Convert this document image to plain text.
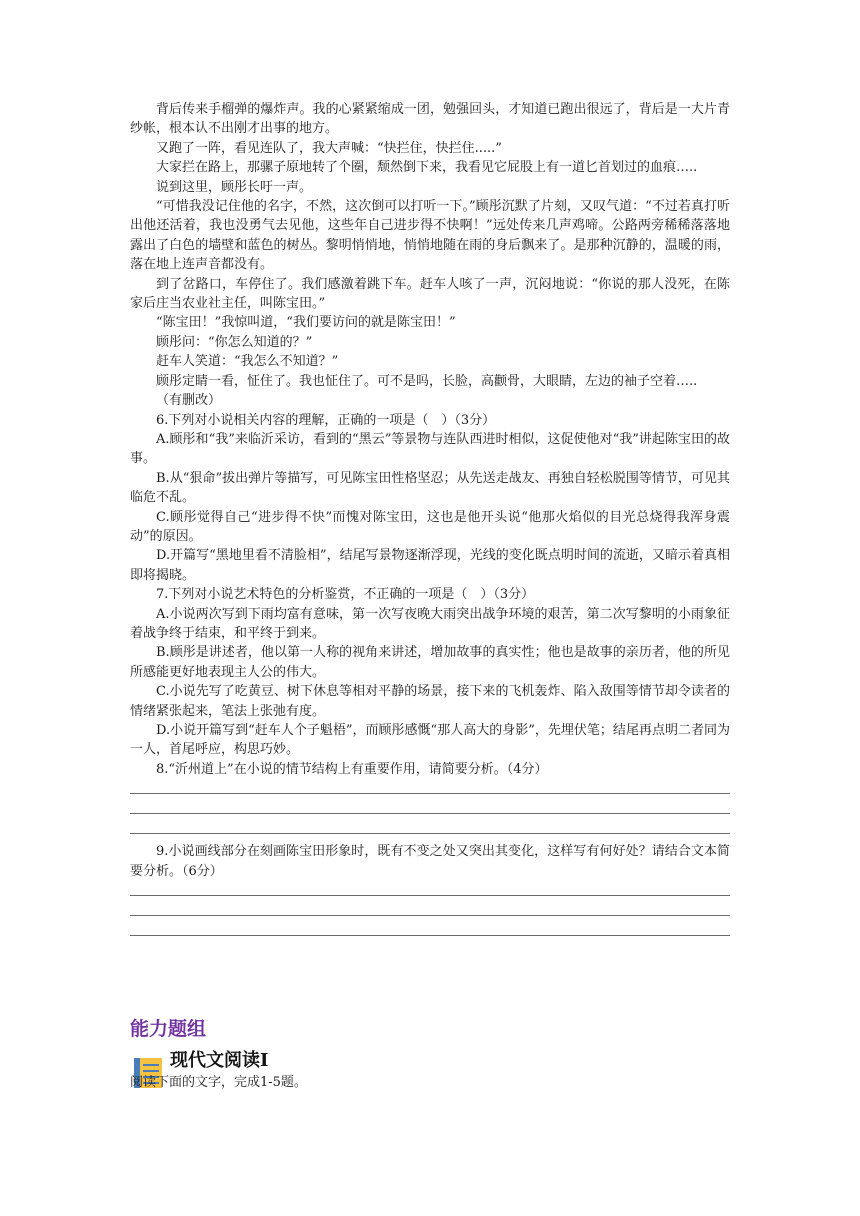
背后传来手榴弹的爆炸声。我的心紧紧缩成一团，勉强回头，才知道已跑出很远了，背后是一大片青纱帐，根本认不出刚才出事的地方。

又跑了一阵，看见连队了，我大声喊：“快拦住，快拦住.....”

大家拦在路上，那骡子原地转了个圈，颓然倒下来，我看见它屁股上有一道匕首划过的血痕…..

说到这里，顾彤长吁一声。

“可惜我没记住他的名字，不然，这次倒可以打听一下。”顾彤沉默了片刻，又叹气道：“不过若真打听出他还活着，我也没勇气去见他，这些年自己进步得不快啊！”远处传来几声鸡啼。公路两旁稀稀落落地露出了白色的墙壁和蓝色的树丛。黎明悄悄地，悄悄地随在雨的身后飘来了。是那种沉静的，温暖的雨，落在地上连声音都没有。

到了岔路口，车停住了。我们感激着跳下车。赶车人咳了一声，沉闷地说：“你说的那人没死，在陈家后庄当农业社主任，叫陈宝田。”

“陈宝田！”我惊叫道，“我们要访问的就是陈宝田！”

顾彤问：“你怎么知道的？”

赶车人笑道：“我怎么不知道？”

顾彤定睛一看，怔住了。我也怔住了。可不是吗，长脸，高颧骨，大眼睛，左边的袖子空着…..

（有删改）

6.下列对小说相关内容的理解，正确的一项是（　）（3分）

A.顾彤和“我”来临沂采访，看到的“黑云”等景物与连队西进时相似，这促使他对“我”讲起陈宝田的故事。

B.从“狠命”拔出弹片等描写，可见陈宝田性格坚忍；从先送走战友、再独自轻松脱围等情节，可见其临危不乱。

C.顾彤觉得自己“进步得不快”而愧对陈宝田，这也是他开头说“他那火焰似的目光总烧得我浑身震动”的原因。

D.开篇写“黑地里看不清脸相”，结尾写景物逐渐浮现，光线的变化既点明时间的流逝，又暗示着真相即将揭晓。

7.下列对小说艺术特色的分析鉴赏，不正确的一项是（　）（3分）

A.小说两次写到下雨均富有意味，第一次写夜晚大雨突出战争环境的艰苦，第二次写黎明的小雨象征着战争终于结束，和平终于到来。

B.顾彤是讲述者，他以第一人称的视角来讲述，增加故事的真实性；他也是故事的亲历者，他的所见所感能更好地表现主人公的伟大。

C.小说先写了吃黄豆、树下休息等相对平静的场景，接下来的飞机轰炸、陷入敌围等情节却令读者的情绪紧张起来，笔法上张弛有度。

D.小说开篇写到“赶车人个子魁梧”，而顾彤感慨“那人高大的身影”，先埋伏笔；结尾再点明二者同为一人，首尾呼应，构思巧妙。

8.“沂州道上”在小说的情节结构上有重要作用，请简要分析。（4分）

9.小说画线部分在刻画陈宝田形象时，既有不变之处又突出其变化，这样写有何好处？请结合文本简要分析。（6分）

能力题组
现代文阅读Ⅰ
阅读下面的文字，完成1-5题。
